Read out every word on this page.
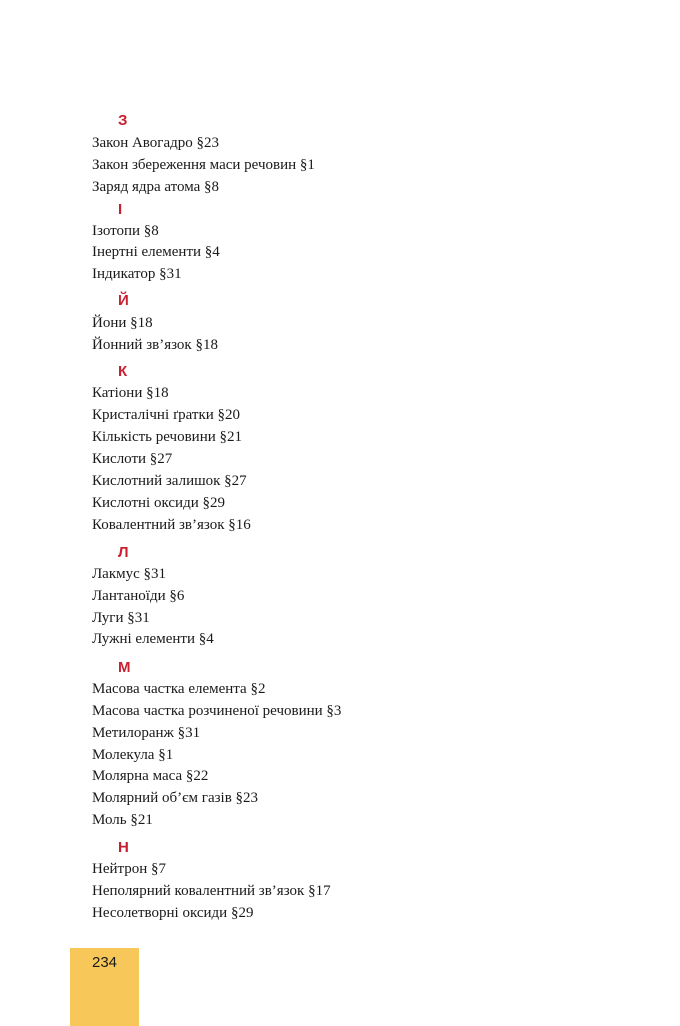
З
Закон Авогадро §23
Закон збереження маси речовин §1
Заряд ядра атома §8
І
Ізотопи §8
Інертні елементи §4
Індикатор §31
Й
Йони §18
Йонний зв’язок §18
К
Катіони §18
Кристалічні ґратки §20
Кількість речовини §21
Кислоти §27
Кислотний залишок §27
Кислотні оксиди §29
Ковалентний зв’язок §16
Л
Лакмус §31
Лантаноїди §6
Луги §31
Лужні елементи §4
М
Масова частка елемента §2
Масова частка розчиненої речовини §3
Метилоранж §31
Молекула §1
Молярна маса §22
Молярний об’єм газів §23
Моль §21
Н
Нейтрон §7
Неполярний ковалентний зв’язок §17
Несолетворні оксиди §29
234
